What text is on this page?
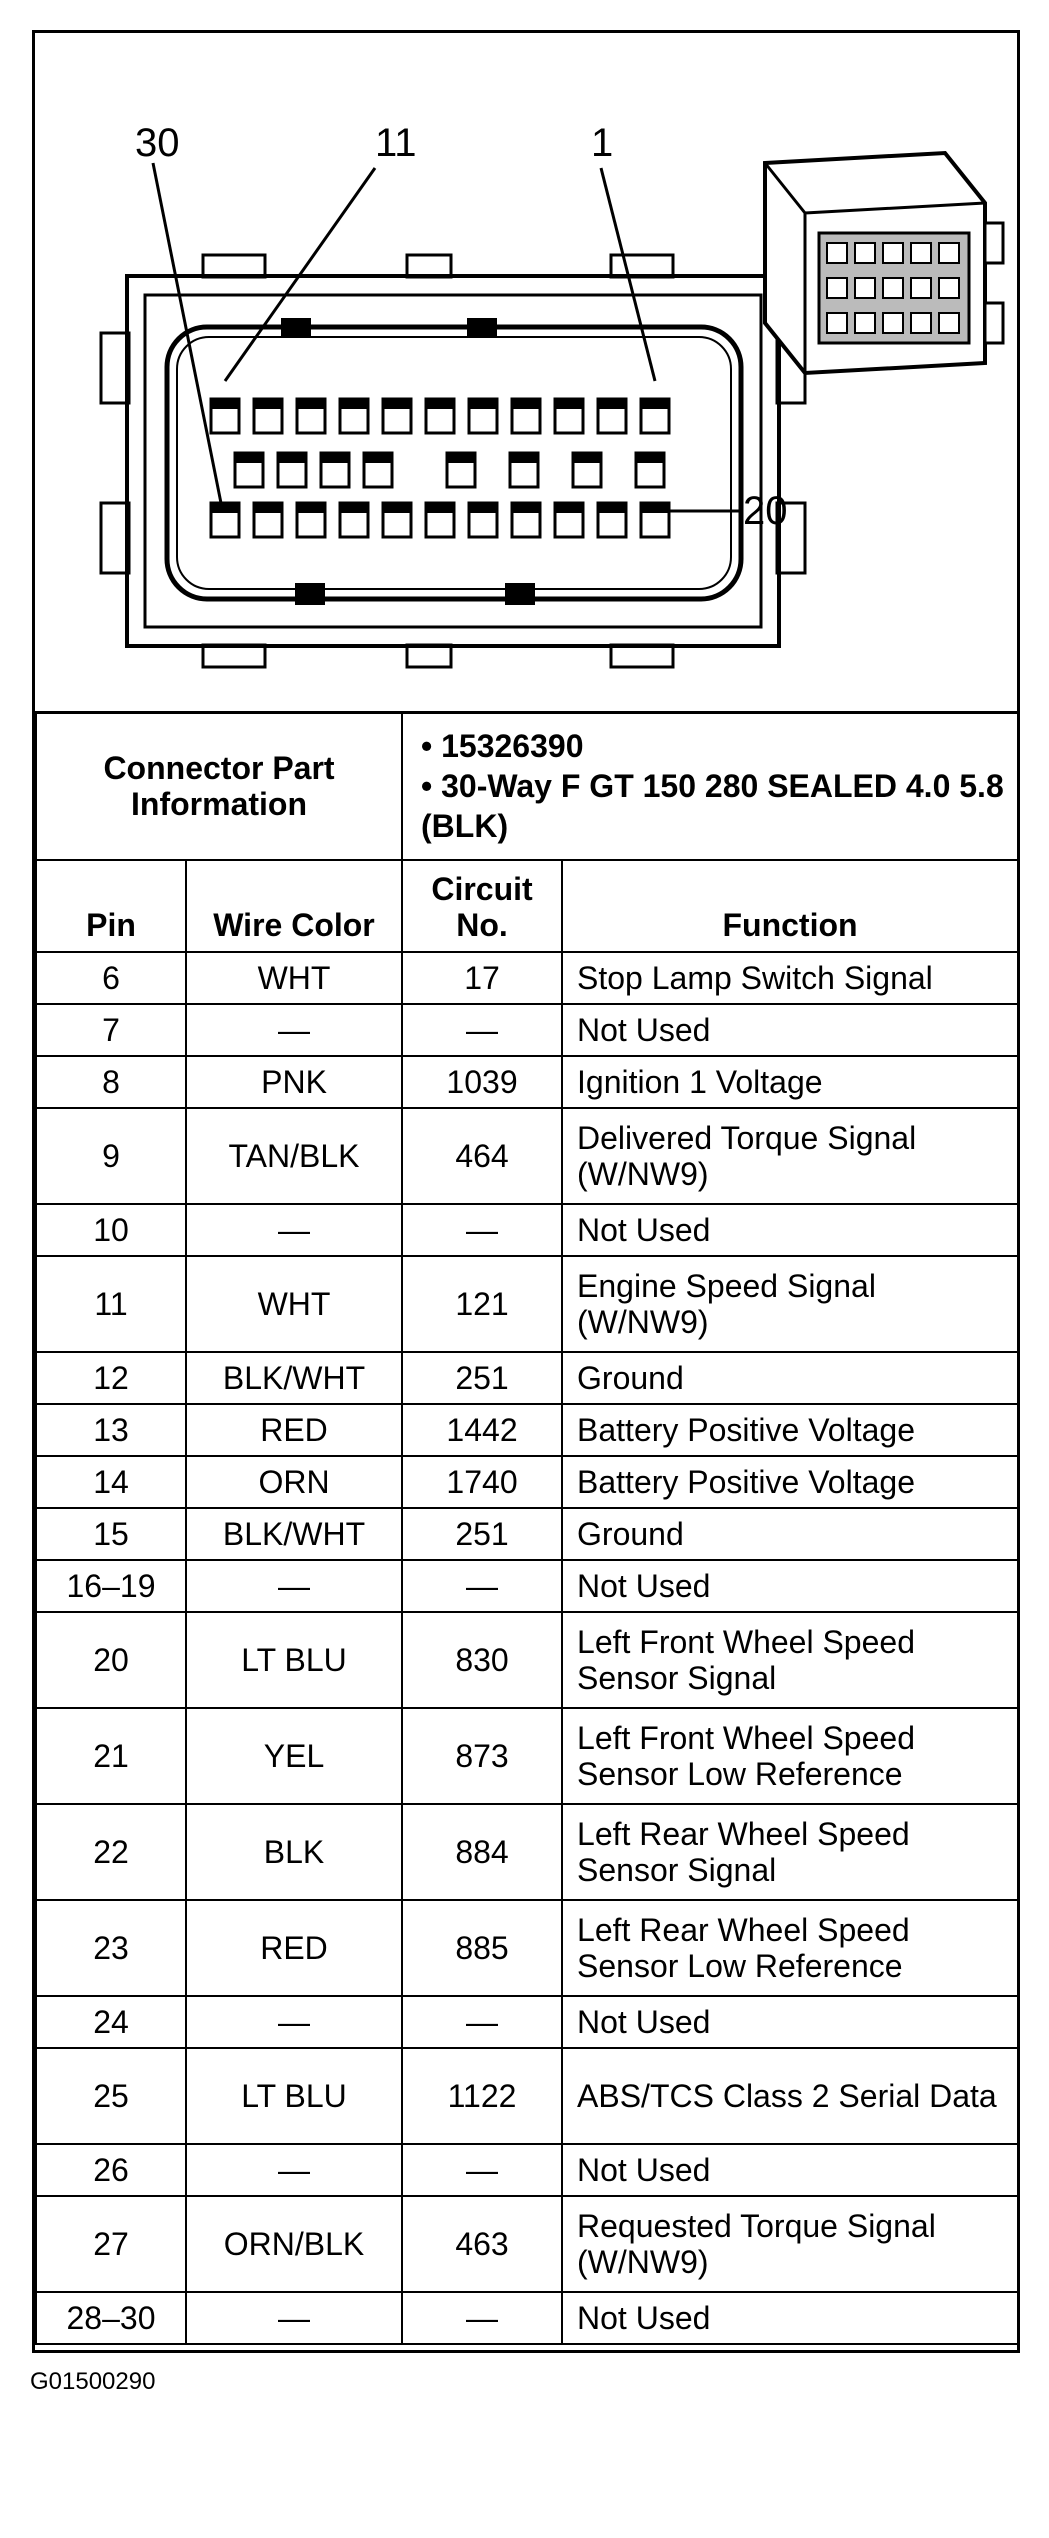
30	11	1
20
Connector Part Information		• 15326390
• 30-Way F GT 150 280 SEALED 4.0 5.8 (BLK)	

Pin	Wire Color	Circuit No.	Function
6	WHT	17	Stop Lamp Switch Signal
7	—	—	Not Used
8	PNK	1039	Ignition 1 Voltage
9	TAN/BLK	464	Delivered Torque Signal (W/NW9)
10	—	—	Not Used
11	WHT	121	Engine Speed Signal (W/NW9)
12	BLK/WHT	251	Ground
13	RED	1442	Battery Positive Voltage
14	ORN	1740	Battery Positive Voltage
15	BLK/WHT	251	Ground
16–19	—	—	Not Used
20	LT BLU	830	Left Front Wheel Speed Sensor Signal
21	YEL	873	Left Front Wheel Speed Sensor Low Reference
22	BLK	884	Left Rear Wheel Speed Sensor Signal
23	RED	885	Left Rear Wheel Speed Sensor Low Reference
24	—	—	Not Used
25	LT BLU	1122	ABS/TCS Class 2 Serial Data
26	—	—	Not Used
27	ORN/BLK	463	Requested Torque Signal (W/NW9)
28–30	—	—	Not Used
G01500290
